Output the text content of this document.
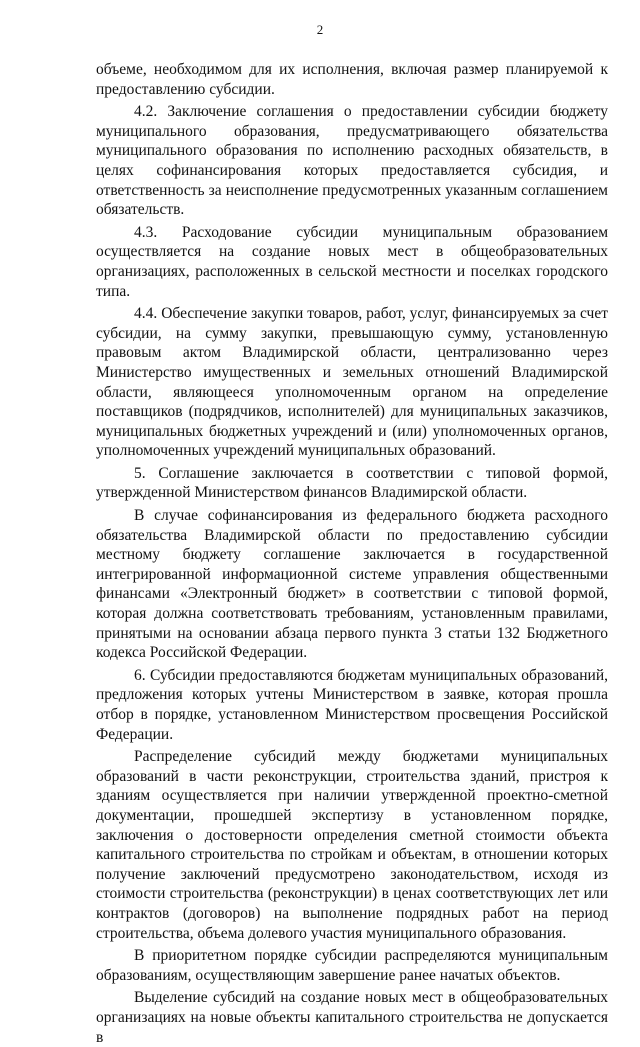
2

объеме, необходимом для их исполнения, включая размер планируемой к предоставлению субсидии.

4.2. Заключение соглашения о предоставлении субсидии бюджету муниципального образования, предусматривающего обязательства муниципального образования по исполнению расходных обязательств, в целях софинансирования которых предоставляется субсидия, и ответственность за неисполнение предусмотренных указанным соглашением обязательств.

4.3. Расходование субсидии муниципальным образованием осуществляется на создание новых мест в общеобразовательных организациях, расположенных в сельской местности и поселках городского типа.

4.4. Обеспечение закупки товаров, работ, услуг, финансируемых за счет субсидии, на сумму закупки, превышающую сумму, установленную правовым актом Владимирской области, централизованно через Министерство имущественных и земельных отношений Владимирской области, являющееся уполномоченным органом на определение поставщиков (подрядчиков, исполнителей) для муниципальных заказчиков, муниципальных бюджетных учреждений и (или) уполномоченных органов, уполномоченных учреждений муниципальных образований.

5. Соглашение заключается в соответствии с типовой формой, утвержденной Министерством финансов Владимирской области.

В случае софинансирования из федерального бюджета расходного обязательства Владимирской области по предоставлению субсидии местному бюджету соглашение заключается в государственной интегрированной информационной системе управления общественными финансами «Электронный бюджет» в соответствии с типовой формой, которая должна соответствовать требованиям, установленным правилами, принятыми на основании абзаца первого пункта 3 статьи 132 Бюджетного кодекса Российской Федерации.

6. Субсидии предоставляются бюджетам муниципальных образований, предложения которых учтены Министерством в заявке, которая прошла отбор в порядке, установленном Министерством просвещения Российской Федерации.

Распределение субсидий между бюджетами муниципальных образований в части реконструкции, строительства зданий, пристроя к зданиям осуществляется при наличии утвержденной проектно-сметной документации, прошедшей экспертизу в установленном порядке, заключения о достоверности определения сметной стоимости объекта капитального строительства по стройкам и объектам, в отношении которых получение заключений предусмотрено законодательством, исходя из стоимости строительства (реконструкции) в ценах соответствующих лет или контрактов (договоров) на выполнение подрядных работ на период строительства, объема долевого участия муниципального образования.

В приоритетном порядке субсидии распределяются муниципальным образованиям, осуществляющим завершение ранее начатых объектов.

Выделение субсидий на создание новых мест в общеобразовательных организациях на новые объекты капитального строительства не допускается в
